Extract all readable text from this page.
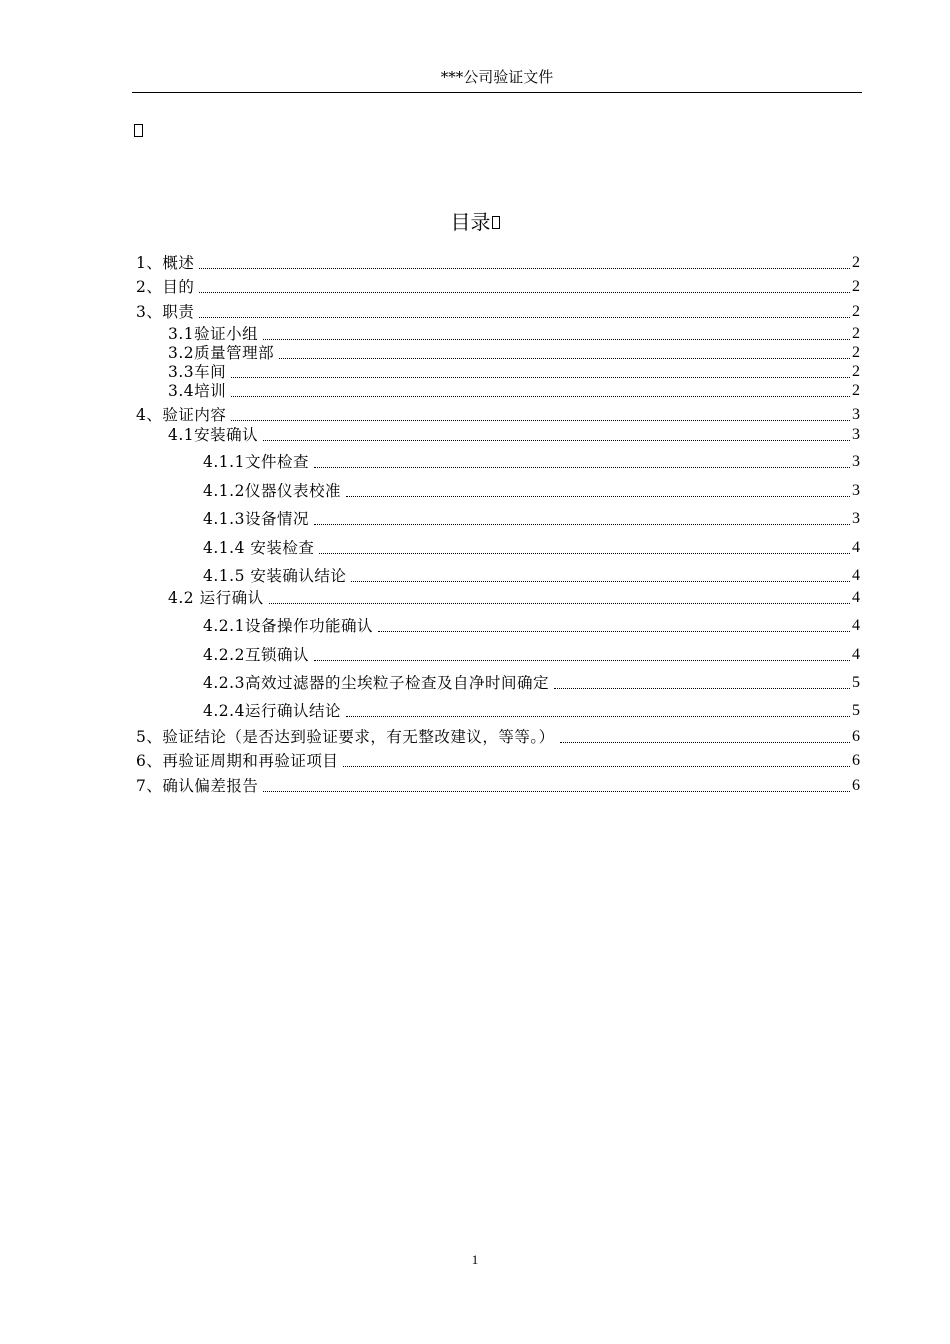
***公司验证文件
目录
1、概述	2
2、目的	2
3、职责	2
3.1验证小组	2
3.2质量管理部	2
3.3车间	2
3.4培训	2
4、验证内容	3
4.1安装确认	3
4.1.1文件检查	3
4.1.2仪器仪表校准	3
4.1.3设备情况	3
4.1.4 安装检查	4
4.1.5 安装确认结论	4
4.2 运行确认	4
4.2.1设备操作功能确认	4
4.2.2互锁确认	4
4.2.3高效过滤器的尘埃粒子检查及自净时间确定	5
4.2.4运行确认结论	5
5、验证结论（是否达到验证要求，有无整改建议，等等。）	6
6、再验证周期和再验证项目	6
7、确认偏差报告	6
1
